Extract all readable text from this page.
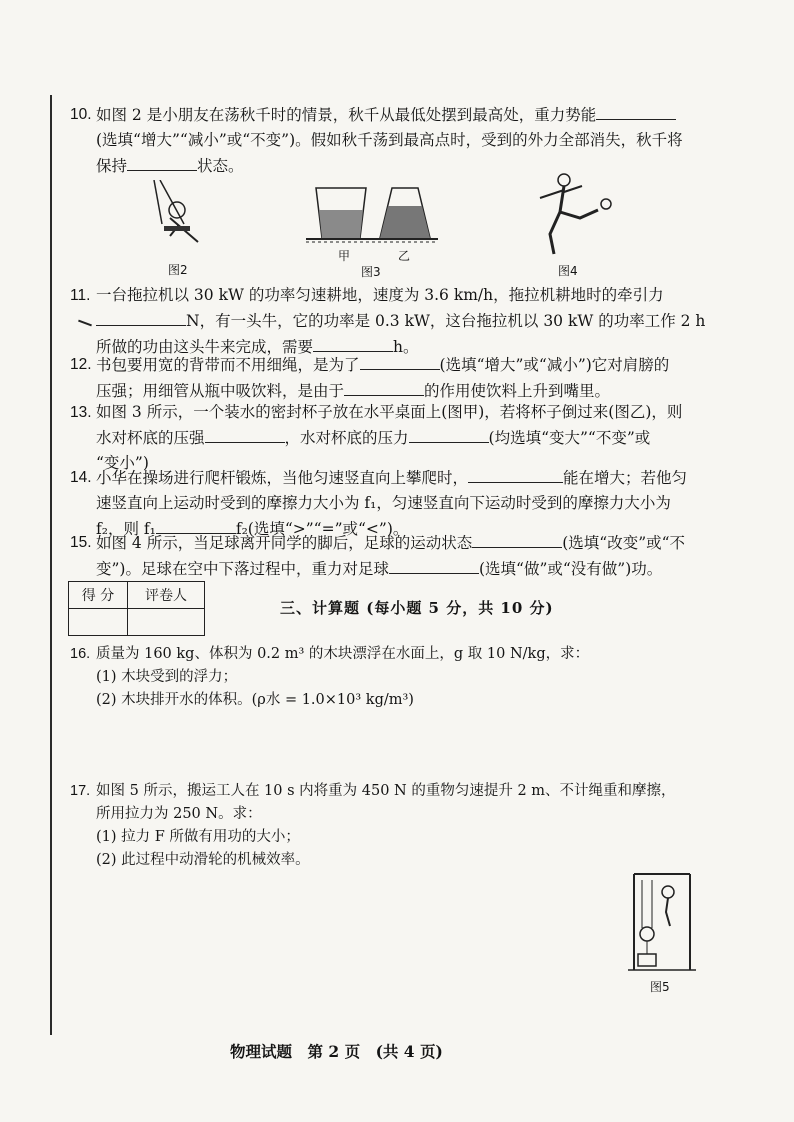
10. 如图 2 是小朋友在荡秋千时的情景，秋千从最低处摆到最高处，重力势能
(选填“增大”“减小”或“不变”)。假如秋千荡到最高点时，受到的外力全部消失，秋千将
保持	状态。
图2
甲	乙
图3	图4
11. 一台拖拉机以 30 kW 的功率匀速耕地，速度为 3.6 km/h，拖拉机耕地时的牵引力
N，有一头牛，它的功率是 0.3 kW，这台拖拉机以 30 kW 的功率工作 2 h
所做的功由这头牛来完成，需要	h。
12. 书包要用宽的背带而不用细绳，是为了	(选填“增大”或“减小”)它对肩膀的
压强；用细管从瓶中吸饮料，是由于	的作用使饮料上升到嘴里。
13. 如图 3 所示，一个装水的密封杯子放在水平桌面上(图甲)，若将杯子倒过来(图乙)，则
水对杯底的压强	，水对杯底的压力	(均选填“变大”“不变”或
“变小”)
14. 小华在操场进行爬杆锻炼，当他匀速竖直向上攀爬时，	能在增大；若他匀
速竖直向上运动时受到的摩擦力大小为 f₁，匀速竖直向下运动时受到的摩擦力大小为
f₂，则 f₁	f₂(选填“>”“=”或“<”)。
15. 如图 4 所示，当足球离开同学的脚后，足球的运动状态	(选填“改变”或“不
变”)。足球在空中下落过程中，重力对足球	(选填“做”或“没有做”)功。
得 分	评卷人

三、计算题 (每小题 5 分，共 10 分)
16. 质量为 160 kg、体积为 0.2 m³ 的木块漂浮在水面上，g 取 10 N/kg，求：
(1) 木块受到的浮力；
(2) 木块排开水的体积。(ρ水 = 1.0×10³ kg/m³)
17. 如图 5 所示，搬运工人在 10 s 内将重为 450 N 的重物匀速提升 2 m、不计绳重和摩擦，
所用拉力为 250 N。求：
(1) 拉力 F 所做有用功的大小；
(2) 此过程中动滑轮的机械效率。
图5
物理试题　第 2 页　(共 4 页)
